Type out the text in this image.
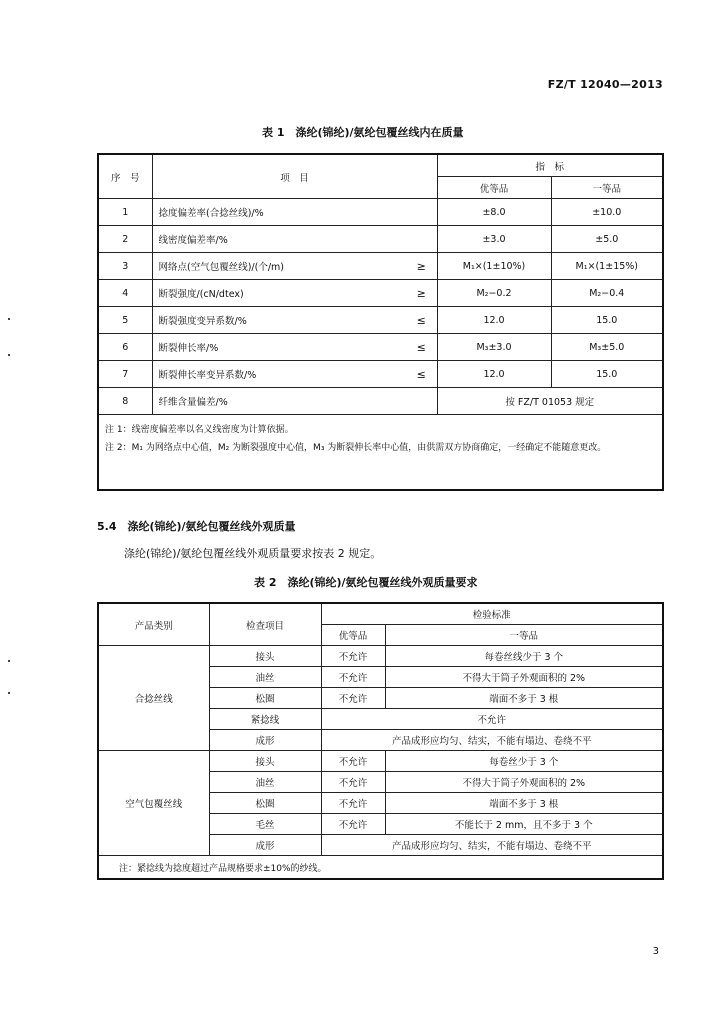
FZ/T 12040—2013
表 1　涤纶(锦纶)/氨纶包覆丝线内在质量
序　号	项　目		指　标	
			优等品	一等品
1	捻度偏差率(合捻丝线)/%		±8.0	±10.0
2	线密度偏差率/%		±3.0	±5.0
3	网络点(空气包覆丝线)/(个/m)	≥	M₁×(1±10%)	M₁×(1±15%)
4	断裂强度/(cN/dtex)	≥	M₂−0.2	M₂−0.4
5	断裂强度变异系数/%	≤	12.0	15.0
6	断裂伸长率/%	≤	M₃±3.0	M₃±5.0
7	断裂伸长率变异系数/%	≤	12.0	15.0
8	纤维含量偏差/%		按 FZ/T 01053 规定	

注 1：线密度偏差率以名义线密度为计算依据。
注 2：M₁ 为网络点中心值，M₂ 为断裂强度中心值，M₃ 为断裂伸长率中心值，由供需双方协商确定，一经确定不能随意更改。				
5.4　涤纶(锦纶)/氨纶包覆丝线外观质量
涤纶(锦纶)/氨纶包覆丝线外观质量要求按表 2 规定。
表 2　涤纶(锦纶)/氨纶包覆丝线外观质量要求
产品类别	检查项目	检验标准	
		优等品	一等品
合捻丝线	接头	不允许	每卷丝线少于 3 个
	油丝	不允许	不得大于筒子外观面积的 2%
	松圈	不允许	端面不多于 3 根
	紧捻线	不允许	
	成形	产品成形应均匀、结实，不能有塌边、卷绕不平	
空气包覆丝线	接头	不允许	每卷丝少于 3 个
	油丝	不允许	不得大于筒子外观面积的 2%
	松圈	不允许	端面不多于 3 根
	毛丝	不允许	不能长于 2 mm，且不多于 3 个
	成形	产品成形应均匀、结实，不能有塌边、卷绕不平	
注：紧捻线为捻度超过产品规格要求±10%的纱线。			
3
